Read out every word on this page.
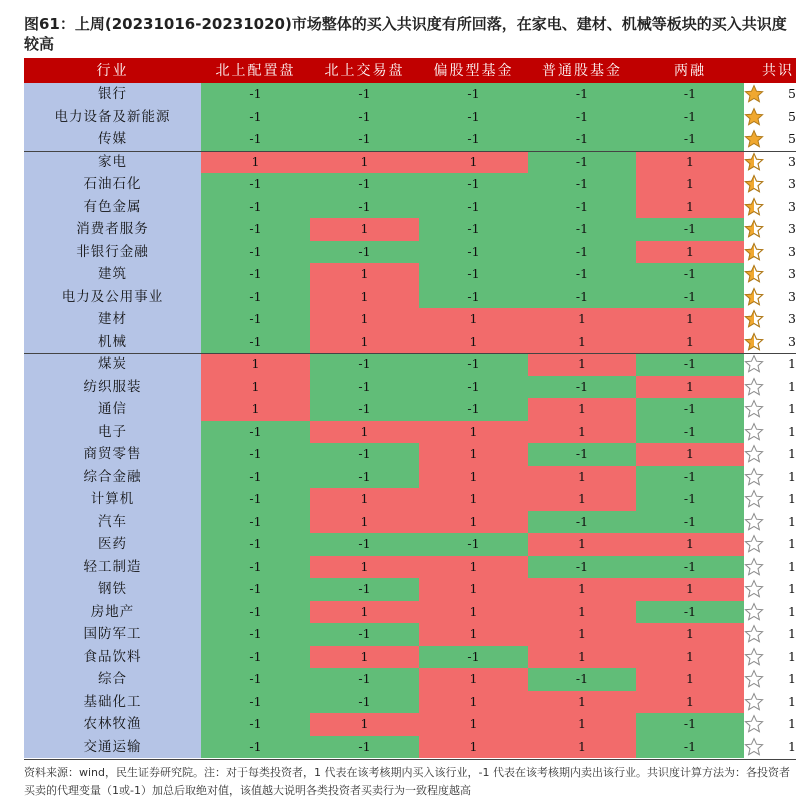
图61：上周(20231016-20231020)市场整体的买入共识度有所回落，在家电、建材、机械等板块的买入共识度较高
行业	北上配置盘	北上交易盘	偏股型基金	普通股基金	两融	共识
银行	-1	-1	-1	-1	-1	5
电力设备及新能源	-1	-1	-1	-1	-1	5
传媒	-1	-1	-1	-1	-1	5
家电	1	1	1	-1	1	3
石油石化	-1	-1	-1	-1	1	3
有色金属	-1	-1	-1	-1	1	3
消费者服务	-1	1	-1	-1	-1	3
非银行金融	-1	-1	-1	-1	1	3
建筑	-1	1	-1	-1	-1	3
电力及公用事业	-1	1	-1	-1	-1	3
建材	-1	1	1	1	1	3
机械	-1	1	1	1	1	3
煤炭	1	-1	-1	1	-1	1
纺织服装	1	-1	-1	-1	1	1
通信	1	-1	-1	1	-1	1
电子	-1	1	1	1	-1	1
商贸零售	-1	-1	1	-1	1	1
综合金融	-1	-1	1	1	-1	1
计算机	-1	1	1	1	-1	1
汽车	-1	1	1	-1	-1	1
医药	-1	-1	-1	1	1	1
轻工制造	-1	1	1	-1	-1	1
钢铁	-1	-1	1	1	1	1
房地产	-1	1	1	1	-1	1
国防军工	-1	-1	1	1	1	1
食品饮料	-1	1	-1	1	1	1
综合	-1	-1	1	-1	1	1
基础化工	-1	-1	1	1	1	1
农林牧渔	-1	1	1	1	-1	1
交通运输	-1	-1	1	1	-1	1
资料来源：wind，民生证券研究院。注：对于每类投资者，1 代表在该考核期内买入该行业，-1 代表在该考核期内卖出该行业。共识度计算方法为：各投资者买卖的代理变量（1或-1）加总后取绝对值，该值越大说明各类投资者买卖行为一致程度越高
